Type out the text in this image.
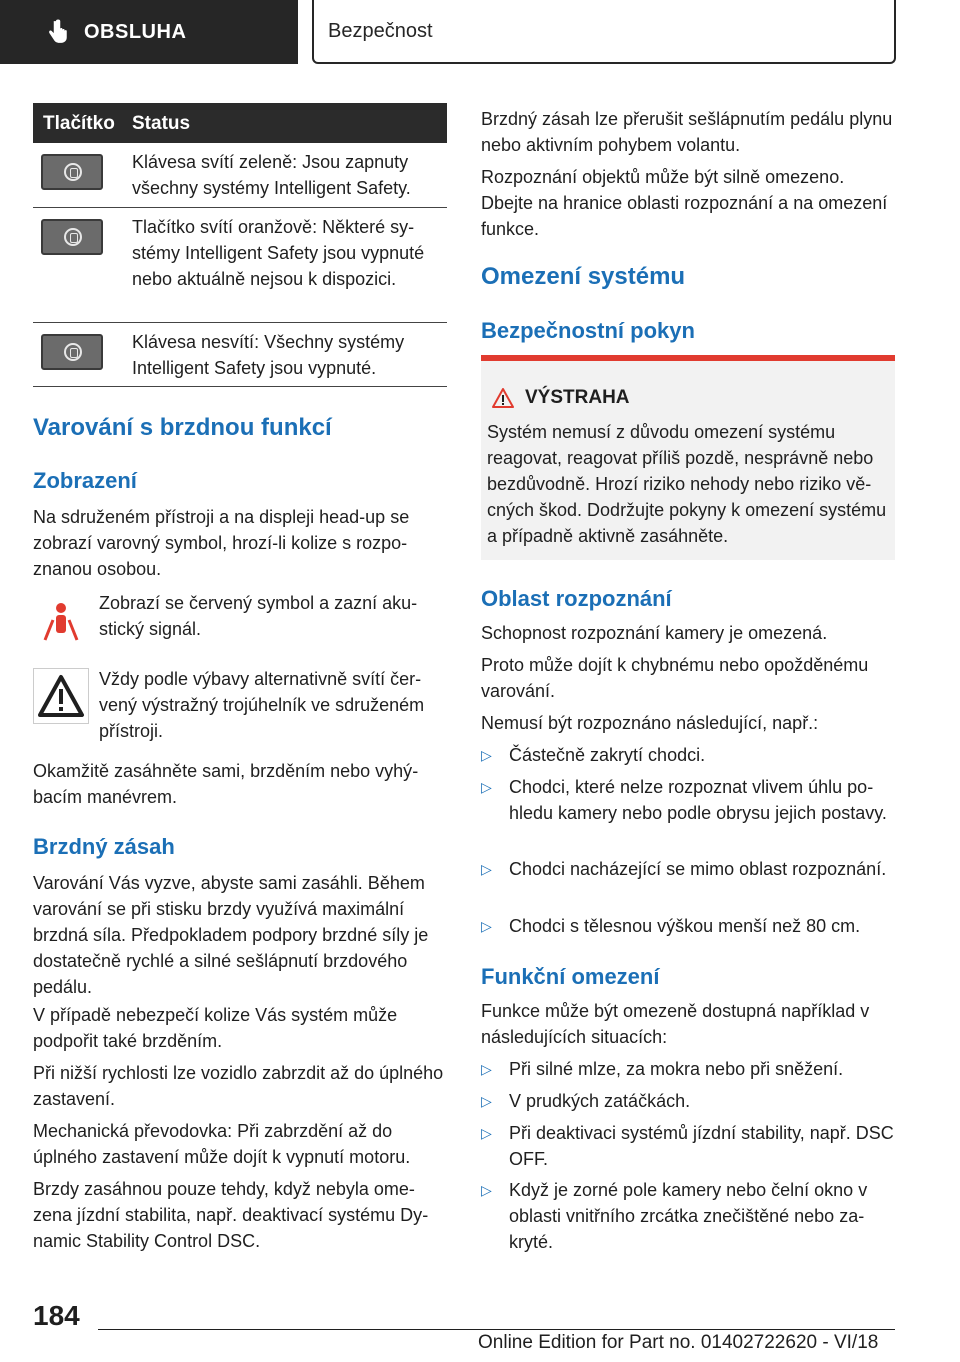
OBSLUHA	Bezpečnost
Tlačítko Status
Klávesa svítí zeleně: Jsou zapnuty všechny systémy Intelligent Safety.
Tlačítko svítí oranžově: Některé systémy Intelligent Safety jsou vypnuté nebo aktuálně nejsou k dispozici.
Klávesa nesvítí: Všechny systémy Intelligent Safety jsou vypnuté.
Varování s brzdnou funkcí
Zobrazení

Na sdruženém přístroji a na displeji head-up se zobrazí varovný symbol, hrozí-li kolize s rozpoznanou osobou.

Zobrazí se červený symbol a zazní akustický signál.

Vždy podle výbavy alternativně svítí červený výstražný trojúhelník ve sdruženém přístroji.

Okamžitě zasáhněte sami, brzděním nebo vyhýbacím manévrem.

Brzdný zásah

Varování Vás vyzve, abyste sami zasáhli. Během varování se při stisku brzdy využívá maximální brzdná síla. Předpokladem podpory brzdné síly je dostatečně rychlé a silné sešlápnutí brzdového pedálu.

V případě nebezpečí kolize Vás systém může podpořit také brzděním.

Při nižší rychlosti lze vozidlo zabrzdit až do úplného zastavení.

Mechanická převodovka: Při zabrzdění až do úplného zastavení může dojít k vypnutí motoru.

Brzdy zasáhnou pouze tehdy, když nebyla omezena jízdní stabilita, např. deaktivací systému Dynamic Stability Control DSC.

Brzdný zásah lze přerušit sešlápnutím pedálu plynu nebo aktivním pohybem volantu.

Rozpoznání objektů může být silně omezeno. Dbejte na hranice oblasti rozpoznání a na omezení funkce.

Omezení systému
Bezpečnostní pokyn
VÝSTRAHA
Systém nemusí z důvodu omezení systému reagovat, reagovat příliš pozdě, nesprávně nebo bezdůvodně. Hrozí riziko nehody nebo riziko věcných škod. Dodržujte pokyny k omezení systému a případně aktivně zasáhněte.
Oblast rozpoznání

Schopnost rozpoznání kamery je omezená.

Proto může dojít k chybnému nebo opožděnému varování.

Nemusí být rozpoznáno následující, např.:

▷ Částečně zakrytí chodci.
▷ Chodci, které nelze rozpoznat vlivem úhlu pohledu kamery nebo podle obrysu jejich postavy.
▷ Chodci nacházející se mimo oblast rozpoznání.
▷ Chodci s tělesnou výškou menší než 80 cm.
Funkční omezení

Funkce může být omezeně dostupná například v následujících situacích:

▷ Při silné mlze, za mokra nebo při sněžení.
▷ V prudkých zatáčkách.
▷ Při deaktivaci systémů jízdní stability, např. DSC OFF.
▷ Když je zorné pole kamery nebo čelní okno v oblasti vnitřního zrcátka znečištěné nebo zakryté.
184
Online Edition for Part no. 01402722620 - VI/18
